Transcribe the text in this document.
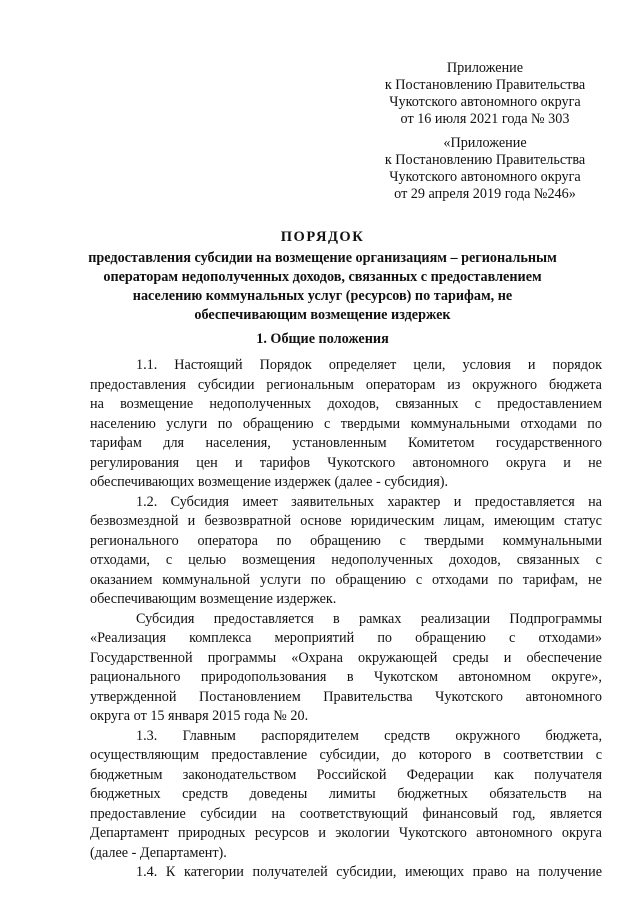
Приложение
к Постановлению Правительства
Чукотского автономного округа
от 16 июля 2021 года № 303
«Приложение
к Постановлению Правительства
Чукотского автономного округа
от 29 апреля 2019 года №246»
ПОРЯДОК
предоставления субсидии на возмещение организациям – региональным
операторам недополученных доходов, связанных с предоставлением
населению коммунальных услуг (ресурсов) по тарифам, не
обеспечивающим возмещение издержек
1. Общие положения
1.1. Настоящий Порядок определяет цели, условия и порядок
предоставления субсидии региональным операторам из окружного бюджета
на возмещение недополученных доходов, связанных с предоставлением
населению услуги по обращению с твердыми коммунальными отходами по
тарифам для населения, установленным Комитетом государственного
регулирования цен и тарифов Чукотского автономного округа и не
обеспечивающих возмещение издержек (далее - субсидия).
1.2. Субсидия имеет заявительных характер и предоставляется на
безвозмездной и безвозвратной основе юридическим лицам, имеющим статус
регионального оператора по обращению с твердыми коммунальными
отходами, с целью возмещения недополученных доходов, связанных с
оказанием коммунальной услуги по обращению с отходами по тарифам, не
обеспечивающим возмещение издержек.
Субсидия предоставляется в рамках реализации Подпрограммы
«Реализация комплекса мероприятий по обращению с отходами»
Государственной программы «Охрана окружающей среды и обеспечение
рационального природопользования в Чукотском автономном округе»,
утвержденной Постановлением Правительства Чукотского автономного
округа от 15 января 2015 года № 20.
1.3. Главным распорядителем средств окружного бюджета,
осуществляющим предоставление субсидии, до которого в соответствии с
бюджетным законодательством Российской Федерации как получателя
бюджетных средств доведены лимиты бюджетных обязательств на
предоставление субсидии на соответствующий финансовый год, является
Департамент природных ресурсов и экологии Чукотского автономного округа
(далее - Департамент).
1.4. К категории получателей субсидии, имеющих право на получение
